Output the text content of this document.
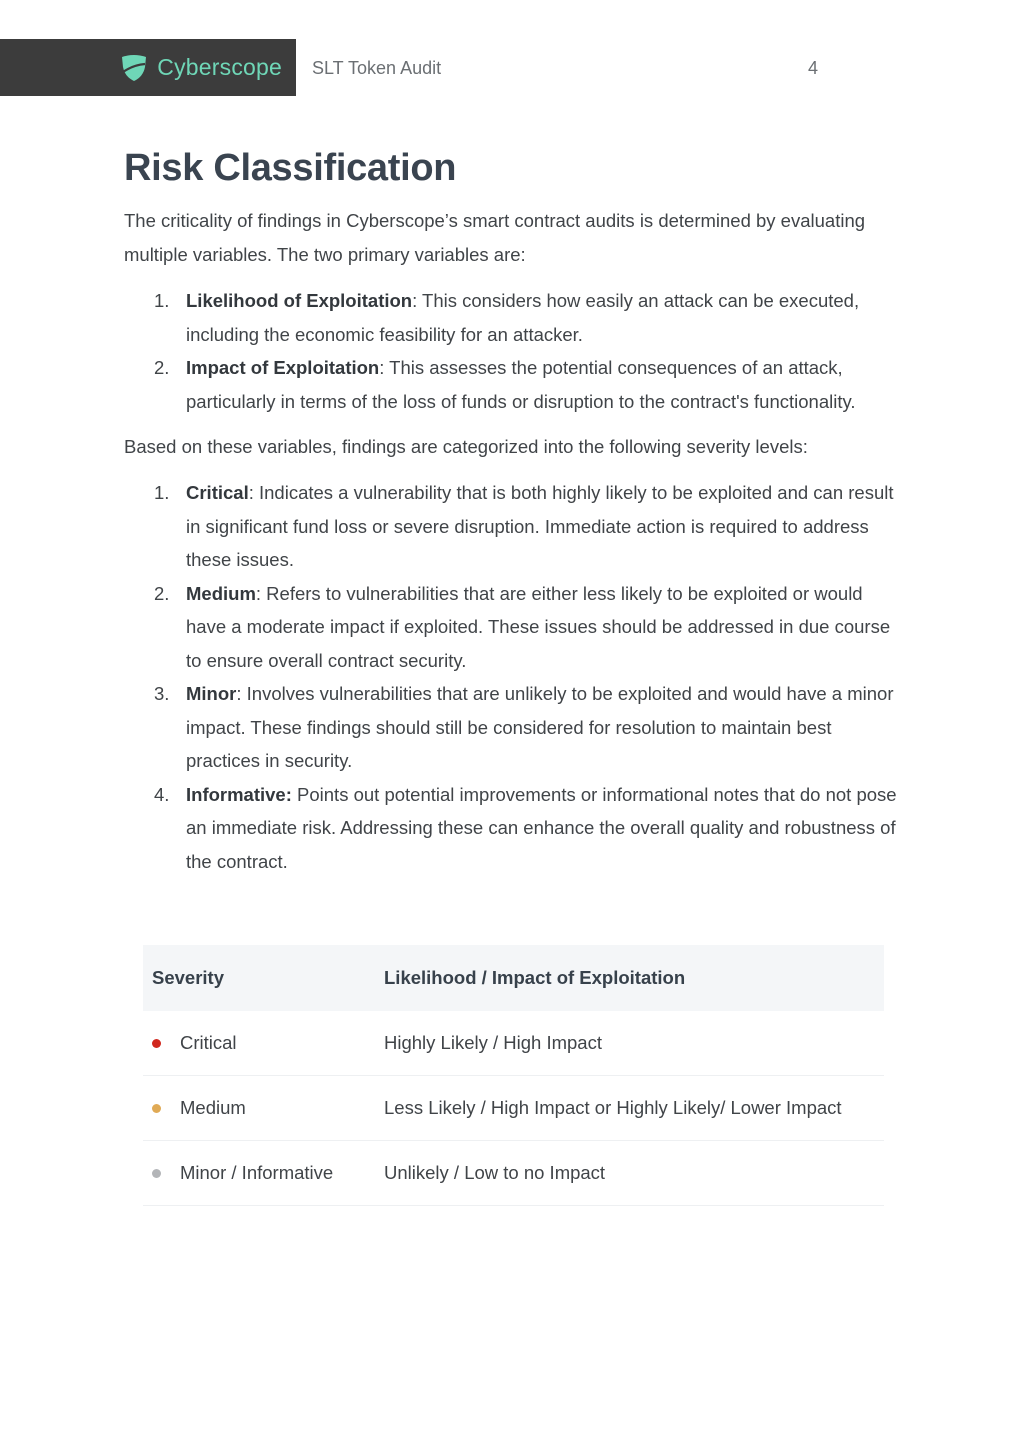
Cyberscope SLT Token Audit	4
Risk Classification

The criticality of findings in Cyberscope’s smart contract audits is determined by evaluating multiple variables. The two primary variables are:

1. Likelihood of Exploitation: This considers how easily an attack can be executed, including the economic feasibility for an attacker.
2. Impact of Exploitation: This assesses the potential consequences of an attack, particularly in terms of the loss of funds or disruption to the contract's functionality.

Based on these variables, findings are categorized into the following severity levels:

1. Critical: Indicates a vulnerability that is both highly likely to be exploited and can result in significant fund loss or severe disruption. Immediate action is required to address these issues.
2. Medium: Refers to vulnerabilities that are either less likely to be exploited or would have a moderate impact if exploited. These issues should be addressed in due course to ensure overall contract security.
3. Minor: Involves vulnerabilities that are unlikely to be exploited and would have a minor impact. These findings should still be considered for resolution to maintain best practices in security.
4. Informative: Points out potential improvements or informational notes that do not pose an immediate risk. Addressing these can enhance the overall quality and robustness of the contract.
Severity	Likelihood / Impact of Exploitation
Critical	Highly Likely / High Impact
Medium	Less Likely / High Impact or Highly Likely/ Lower Impact
Minor / Informative	Unlikely / Low to no Impact
